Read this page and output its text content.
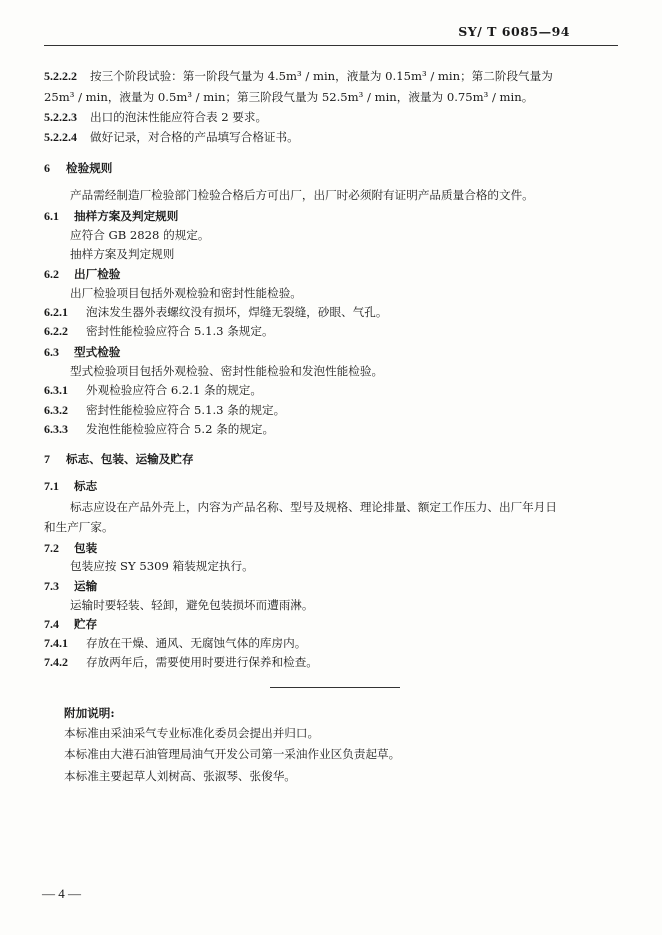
SY/ T 6085—94
5.2.2.2 按三个阶段试验：第一阶段气量为 4.5m³ / min，液量为 0.15m³ / min；第二阶段气量为
25m³ / min，液量为 0.5m³ / min；第三阶段气量为 52.5m³ / min，液量为 0.75m³ / min。
5.2.2.3 出口的泡沫性能应符合表 2 要求。
5.2.2.4 做好记录，对合格的产品填写合格证书。
6 检验规则
产品需经制造厂检验部门检验合格后方可出厂，出厂时必须附有证明产品质量合格的文件。
6.1 抽样方案及判定规则
应符合 GB 2828 的规定。
抽样方案及判定规则
6.2 出厂检验
出厂检验项目包括外观检验和密封性能检验。
6.2.1 泡沫发生器外表螺纹没有损坏，焊缝无裂缝，砂眼、气孔。
6.2.2 密封性能检验应符合 5.1.3 条规定。
6.3 型式检验
型式检验项目包括外观检验、密封性能检验和发泡性能检验。
6.3.1 外观检验应符合 6.2.1 条的规定。
6.3.2 密封性能检验应符合 5.1.3 条的规定。
6.3.3 发泡性能检验应符合 5.2 条的规定。
7 标志、包装、运输及贮存
7.1 标志
标志应设在产品外壳上，内容为产品名称、型号及规格、理论排量、额定工作压力、出厂年月日
和生产厂家。
7.2 包装
包装应按 SY 5309 箱装规定执行。
7.3 运输
运输时要轻装、轻卸，避免包装损坏而遭雨淋。
7.4 贮存
7.4.1 存放在干燥、通风、无腐蚀气体的库房内。
7.4.2 存放两年后，需要使用时要进行保养和检查。
附加说明:
本标准由采油采气专业标准化委员会提出并归口。
本标准由大港石油管理局油气开发公司第一采油作业区负责起草。
本标准主要起草人刘树高、张淑琴、张俊华。
— 4 —
